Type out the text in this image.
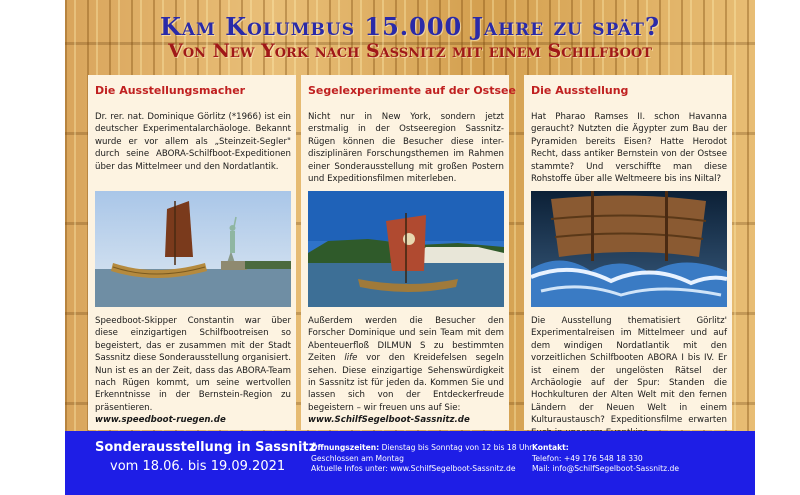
Kam Kolumbus 15.000 Jahre zu spät?
Von New York nach Sassnitz mit einem Schilfboot
Die Ausstellungsmacher
Dr. rer. nat. Dominique Görlitz (*1966) ist ein deutscher Experimentalarchäologe. Bekannt wurde er vor allem als „Steinzeit-Segler" durch seine ABORA-Schilfboot-Expeditionen über das Mittelmeer und den Nordatlantik.
Speedboot-Skipper Constantin war über diese einzigartigen Schilfbootreisen so begeistert, das er zusammen mit der Stadt Sassnitz diese Sonderausstellung organisiert. Nun ist es an der Zeit, dass das ABORA-Team nach Rügen kommt, um seine wertvollen Erkenntnisse in der Bernstein-Region zu präsentieren.
www.speedboot-ruegen.de
Segelexperimente auf der Ostsee
Nicht nur in New York, sondern jetzt erstmalig in der Ostseeregion Sassnitz-Rügen können die Besucher diese inter-disziplinären Forschungsthemen im Rahmen einer Sonderausstellung mit großen Postern und Expeditionsfilmen miterleben.
Außerdem werden die Besucher den Forscher Dominique und sein Team mit dem Abenteuerfloß DILMUN S zu bestimmten Zeiten life vor den Kreidefelsen segeln sehen. Diese einzigartige Sehenswürdigkeit in Sassnitz ist für jeden da. Kommen Sie und lassen sich von der Entdeckerfreude begeistern – wir freuen uns auf Sie:
www.SchilfSegelboot-Sassnitz.de
Die Ausstellung
Hat Pharao Ramses II. schon Havanna geraucht? Nutzten die Ägypter zum Bau der Pyramiden bereits Eisen? Hatte Herodot Recht, dass antiker Bernstein von der Ostsee stammte? Und verschiffte man diese Rohstoffe über alle Weltmeere bis ins Niltal?
Die Ausstellung thematisiert Görlitz' Experimentalreisen im Mittelmeer und auf dem windigen Nordatlantik mit den vorzeitlichen Schilfbooten ABORA I bis IV. Er ist einem der ungelösten Rätsel der Archäologie auf der Spur: Standen die Hochkulturen der Alten Welt mit den fernen Ländern der Neuen Welt in einem Kulturaustausch? Expeditionsfilme erwarten
Sonderausstellung in Sassnitz
vom 18.06. bis 19.09.2021
Öffnungszeiten: Dienstag bis Sonntag von 12 bis 18 Uhr
Geschlossen am Montag
Aktuelle Infos unter: www.SchilfSegelboot-Sassnitz.de
Kontakt:
Telefon: +49 176 548 18 330
Mail: info@SchilfSegelboot-Sassnitz.de
